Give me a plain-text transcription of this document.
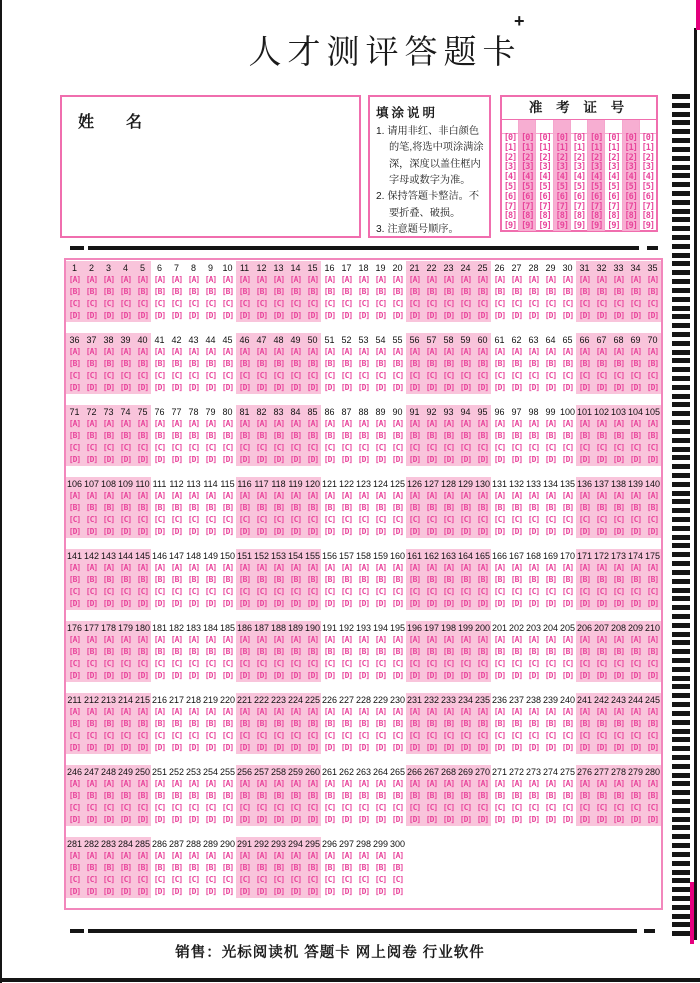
人才测评答题卡
+
姓　　名
填涂说明
1. 请用非红、非白颜色的笔,将选中项涂满涂深，深度以盖住框内字母或数字为准。
2. 保持答题卡整洁。不要折叠、破损。
3. 注意题号顺序。
准 考 证 号
[0]
[1]
[2]
[3]
[4]
[5]
[6]
[7]
[8]
[9]
[0]
[1]
[2]
[3]
[4]
[5]
[6]
[7]
[8]
[9]
[0]
[1]
[2]
[3]
[4]
[5]
[6]
[7]
[8]
[9]
[0]
[1]
[2]
[3]
[4]
[5]
[6]
[7]
[8]
[9]
[0]
[1]
[2]
[3]
[4]
[5]
[6]
[7]
[8]
[9]
[0]
[1]
[2]
[3]
[4]
[5]
[6]
[7]
[8]
[9]
[0]
[1]
[2]
[3]
[4]
[5]
[6]
[7]
[8]
[9]
[0]
[1]
[2]
[3]
[4]
[5]
[6]
[7]
[8]
[9]
[0]
[1]
[2]
[3]
[4]
[5]
[6]
[7]
[8]
[9]
1
[A]
[B]
[C]
[D]
2
[A]
[B]
[C]
[D]
3
[A]
[B]
[C]
[D]
4
[A]
[B]
[C]
[D]
5
[A]
[B]
[C]
[D]
6
[A]
[B]
[C]
[D]
7
[A]
[B]
[C]
[D]
8
[A]
[B]
[C]
[D]
9
[A]
[B]
[C]
[D]
10
[A]
[B]
[C]
[D]
11
[A]
[B]
[C]
[D]
12
[A]
[B]
[C]
[D]
13
[A]
[B]
[C]
[D]
14
[A]
[B]
[C]
[D]
15
[A]
[B]
[C]
[D]
16
[A]
[B]
[C]
[D]
17
[A]
[B]
[C]
[D]
18
[A]
[B]
[C]
[D]
19
[A]
[B]
[C]
[D]
20
[A]
[B]
[C]
[D]
21
[A]
[B]
[C]
[D]
22
[A]
[B]
[C]
[D]
23
[A]
[B]
[C]
[D]
24
[A]
[B]
[C]
[D]
25
[A]
[B]
[C]
[D]
26
[A]
[B]
[C]
[D]
27
[A]
[B]
[C]
[D]
28
[A]
[B]
[C]
[D]
29
[A]
[B]
[C]
[D]
30
[A]
[B]
[C]
[D]
31
[A]
[B]
[C]
[D]
32
[A]
[B]
[C]
[D]
33
[A]
[B]
[C]
[D]
34
[A]
[B]
[C]
[D]
35
[A]
[B]
[C]
[D]
36
[A]
[B]
[C]
[D]
37
[A]
[B]
[C]
[D]
38
[A]
[B]
[C]
[D]
39
[A]
[B]
[C]
[D]
40
[A]
[B]
[C]
[D]
41
[A]
[B]
[C]
[D]
42
[A]
[B]
[C]
[D]
43
[A]
[B]
[C]
[D]
44
[A]
[B]
[C]
[D]
45
[A]
[B]
[C]
[D]
46
[A]
[B]
[C]
[D]
47
[A]
[B]
[C]
[D]
48
[A]
[B]
[C]
[D]
49
[A]
[B]
[C]
[D]
50
[A]
[B]
[C]
[D]
51
[A]
[B]
[C]
[D]
52
[A]
[B]
[C]
[D]
53
[A]
[B]
[C]
[D]
54
[A]
[B]
[C]
[D]
55
[A]
[B]
[C]
[D]
56
[A]
[B]
[C]
[D]
57
[A]
[B]
[C]
[D]
58
[A]
[B]
[C]
[D]
59
[A]
[B]
[C]
[D]
60
[A]
[B]
[C]
[D]
61
[A]
[B]
[C]
[D]
62
[A]
[B]
[C]
[D]
63
[A]
[B]
[C]
[D]
64
[A]
[B]
[C]
[D]
65
[A]
[B]
[C]
[D]
66
[A]
[B]
[C]
[D]
67
[A]
[B]
[C]
[D]
68
[A]
[B]
[C]
[D]
69
[A]
[B]
[C]
[D]
70
[A]
[B]
[C]
[D]
71
[A]
[B]
[C]
[D]
72
[A]
[B]
[C]
[D]
73
[A]
[B]
[C]
[D]
74
[A]
[B]
[C]
[D]
75
[A]
[B]
[C]
[D]
76
[A]
[B]
[C]
[D]
77
[A]
[B]
[C]
[D]
78
[A]
[B]
[C]
[D]
79
[A]
[B]
[C]
[D]
80
[A]
[B]
[C]
[D]
81
[A]
[B]
[C]
[D]
82
[A]
[B]
[C]
[D]
83
[A]
[B]
[C]
[D]
84
[A]
[B]
[C]
[D]
85
[A]
[B]
[C]
[D]
86
[A]
[B]
[C]
[D]
87
[A]
[B]
[C]
[D]
88
[A]
[B]
[C]
[D]
89
[A]
[B]
[C]
[D]
90
[A]
[B]
[C]
[D]
91
[A]
[B]
[C]
[D]
92
[A]
[B]
[C]
[D]
93
[A]
[B]
[C]
[D]
94
[A]
[B]
[C]
[D]
95
[A]
[B]
[C]
[D]
96
[A]
[B]
[C]
[D]
97
[A]
[B]
[C]
[D]
98
[A]
[B]
[C]
[D]
99
[A]
[B]
[C]
[D]
100
[A]
[B]
[C]
[D]
101
[A]
[B]
[C]
[D]
102
[A]
[B]
[C]
[D]
103
[A]
[B]
[C]
[D]
104
[A]
[B]
[C]
[D]
105
[A]
[B]
[C]
[D]
106
[A]
[B]
[C]
[D]
107
[A]
[B]
[C]
[D]
108
[A]
[B]
[C]
[D]
109
[A]
[B]
[C]
[D]
110
[A]
[B]
[C]
[D]
111
[A]
[B]
[C]
[D]
112
[A]
[B]
[C]
[D]
113
[A]
[B]
[C]
[D]
114
[A]
[B]
[C]
[D]
115
[A]
[B]
[C]
[D]
116
[A]
[B]
[C]
[D]
117
[A]
[B]
[C]
[D]
118
[A]
[B]
[C]
[D]
119
[A]
[B]
[C]
[D]
120
[A]
[B]
[C]
[D]
121
[A]
[B]
[C]
[D]
122
[A]
[B]
[C]
[D]
123
[A]
[B]
[C]
[D]
124
[A]
[B]
[C]
[D]
125
[A]
[B]
[C]
[D]
126
[A]
[B]
[C]
[D]
127
[A]
[B]
[C]
[D]
128
[A]
[B]
[C]
[D]
129
[A]
[B]
[C]
[D]
130
[A]
[B]
[C]
[D]
131
[A]
[B]
[C]
[D]
132
[A]
[B]
[C]
[D]
133
[A]
[B]
[C]
[D]
134
[A]
[B]
[C]
[D]
135
[A]
[B]
[C]
[D]
136
[A]
[B]
[C]
[D]
137
[A]
[B]
[C]
[D]
138
[A]
[B]
[C]
[D]
139
[A]
[B]
[C]
[D]
140
[A]
[B]
[C]
[D]
141
[A]
[B]
[C]
[D]
142
[A]
[B]
[C]
[D]
143
[A]
[B]
[C]
[D]
144
[A]
[B]
[C]
[D]
145
[A]
[B]
[C]
[D]
146
[A]
[B]
[C]
[D]
147
[A]
[B]
[C]
[D]
148
[A]
[B]
[C]
[D]
149
[A]
[B]
[C]
[D]
150
[A]
[B]
[C]
[D]
151
[A]
[B]
[C]
[D]
152
[A]
[B]
[C]
[D]
153
[A]
[B]
[C]
[D]
154
[A]
[B]
[C]
[D]
155
[A]
[B]
[C]
[D]
156
[A]
[B]
[C]
[D]
157
[A]
[B]
[C]
[D]
158
[A]
[B]
[C]
[D]
159
[A]
[B]
[C]
[D]
160
[A]
[B]
[C]
[D]
161
[A]
[B]
[C]
[D]
162
[A]
[B]
[C]
[D]
163
[A]
[B]
[C]
[D]
164
[A]
[B]
[C]
[D]
165
[A]
[B]
[C]
[D]
166
[A]
[B]
[C]
[D]
167
[A]
[B]
[C]
[D]
168
[A]
[B]
[C]
[D]
169
[A]
[B]
[C]
[D]
170
[A]
[B]
[C]
[D]
171
[A]
[B]
[C]
[D]
172
[A]
[B]
[C]
[D]
173
[A]
[B]
[C]
[D]
174
[A]
[B]
[C]
[D]
175
[A]
[B]
[C]
[D]
176
[A]
[B]
[C]
[D]
177
[A]
[B]
[C]
[D]
178
[A]
[B]
[C]
[D]
179
[A]
[B]
[C]
[D]
180
[A]
[B]
[C]
[D]
181
[A]
[B]
[C]
[D]
182
[A]
[B]
[C]
[D]
183
[A]
[B]
[C]
[D]
184
[A]
[B]
[C]
[D]
185
[A]
[B]
[C]
[D]
186
[A]
[B]
[C]
[D]
187
[A]
[B]
[C]
[D]
188
[A]
[B]
[C]
[D]
189
[A]
[B]
[C]
[D]
190
[A]
[B]
[C]
[D]
191
[A]
[B]
[C]
[D]
192
[A]
[B]
[C]
[D]
193
[A]
[B]
[C]
[D]
194
[A]
[B]
[C]
[D]
195
[A]
[B]
[C]
[D]
196
[A]
[B]
[C]
[D]
197
[A]
[B]
[C]
[D]
198
[A]
[B]
[C]
[D]
199
[A]
[B]
[C]
[D]
200
[A]
[B]
[C]
[D]
201
[A]
[B]
[C]
[D]
202
[A]
[B]
[C]
[D]
203
[A]
[B]
[C]
[D]
204
[A]
[B]
[C]
[D]
205
[A]
[B]
[C]
[D]
206
[A]
[B]
[C]
[D]
207
[A]
[B]
[C]
[D]
208
[A]
[B]
[C]
[D]
209
[A]
[B]
[C]
[D]
210
[A]
[B]
[C]
[D]
211
[A]
[B]
[C]
[D]
212
[A]
[B]
[C]
[D]
213
[A]
[B]
[C]
[D]
214
[A]
[B]
[C]
[D]
215
[A]
[B]
[C]
[D]
216
[A]
[B]
[C]
[D]
217
[A]
[B]
[C]
[D]
218
[A]
[B]
[C]
[D]
219
[A]
[B]
[C]
[D]
220
[A]
[B]
[C]
[D]
221
[A]
[B]
[C]
[D]
222
[A]
[B]
[C]
[D]
223
[A]
[B]
[C]
[D]
224
[A]
[B]
[C]
[D]
225
[A]
[B]
[C]
[D]
226
[A]
[B]
[C]
[D]
227
[A]
[B]
[C]
[D]
228
[A]
[B]
[C]
[D]
229
[A]
[B]
[C]
[D]
230
[A]
[B]
[C]
[D]
231
[A]
[B]
[C]
[D]
232
[A]
[B]
[C]
[D]
233
[A]
[B]
[C]
[D]
234
[A]
[B]
[C]
[D]
235
[A]
[B]
[C]
[D]
236
[A]
[B]
[C]
[D]
237
[A]
[B]
[C]
[D]
238
[A]
[B]
[C]
[D]
239
[A]
[B]
[C]
[D]
240
[A]
[B]
[C]
[D]
241
[A]
[B]
[C]
[D]
242
[A]
[B]
[C]
[D]
243
[A]
[B]
[C]
[D]
244
[A]
[B]
[C]
[D]
245
[A]
[B]
[C]
[D]
246
[A]
[B]
[C]
[D]
247
[A]
[B]
[C]
[D]
248
[A]
[B]
[C]
[D]
249
[A]
[B]
[C]
[D]
250
[A]
[B]
[C]
[D]
251
[A]
[B]
[C]
[D]
252
[A]
[B]
[C]
[D]
253
[A]
[B]
[C]
[D]
254
[A]
[B]
[C]
[D]
255
[A]
[B]
[C]
[D]
256
[A]
[B]
[C]
[D]
257
[A]
[B]
[C]
[D]
258
[A]
[B]
[C]
[D]
259
[A]
[B]
[C]
[D]
260
[A]
[B]
[C]
[D]
261
[A]
[B]
[C]
[D]
262
[A]
[B]
[C]
[D]
263
[A]
[B]
[C]
[D]
264
[A]
[B]
[C]
[D]
265
[A]
[B]
[C]
[D]
266
[A]
[B]
[C]
[D]
267
[A]
[B]
[C]
[D]
268
[A]
[B]
[C]
[D]
269
[A]
[B]
[C]
[D]
270
[A]
[B]
[C]
[D]
271
[A]
[B]
[C]
[D]
272
[A]
[B]
[C]
[D]
273
[A]
[B]
[C]
[D]
274
[A]
[B]
[C]
[D]
275
[A]
[B]
[C]
[D]
276
[A]
[B]
[C]
[D]
277
[A]
[B]
[C]
[D]
278
[A]
[B]
[C]
[D]
279
[A]
[B]
[C]
[D]
280
[A]
[B]
[C]
[D]
281
[A]
[B]
[C]
[D]
282
[A]
[B]
[C]
[D]
283
[A]
[B]
[C]
[D]
284
[A]
[B]
[C]
[D]
285
[A]
[B]
[C]
[D]
286
[A]
[B]
[C]
[D]
287
[A]
[B]
[C]
[D]
288
[A]
[B]
[C]
[D]
289
[A]
[B]
[C]
[D]
290
[A]
[B]
[C]
[D]
291
[A]
[B]
[C]
[D]
292
[A]
[B]
[C]
[D]
293
[A]
[B]
[C]
[D]
294
[A]
[B]
[C]
[D]
295
[A]
[B]
[C]
[D]
296
[A]
[B]
[C]
[D]
297
[A]
[B]
[C]
[D]
298
[A]
[B]
[C]
[D]
299
[A]
[B]
[C]
[D]
300
[A]
[B]
[C]
[D]
销售：光标阅读机 答题卡 网上阅卷 行业软件
